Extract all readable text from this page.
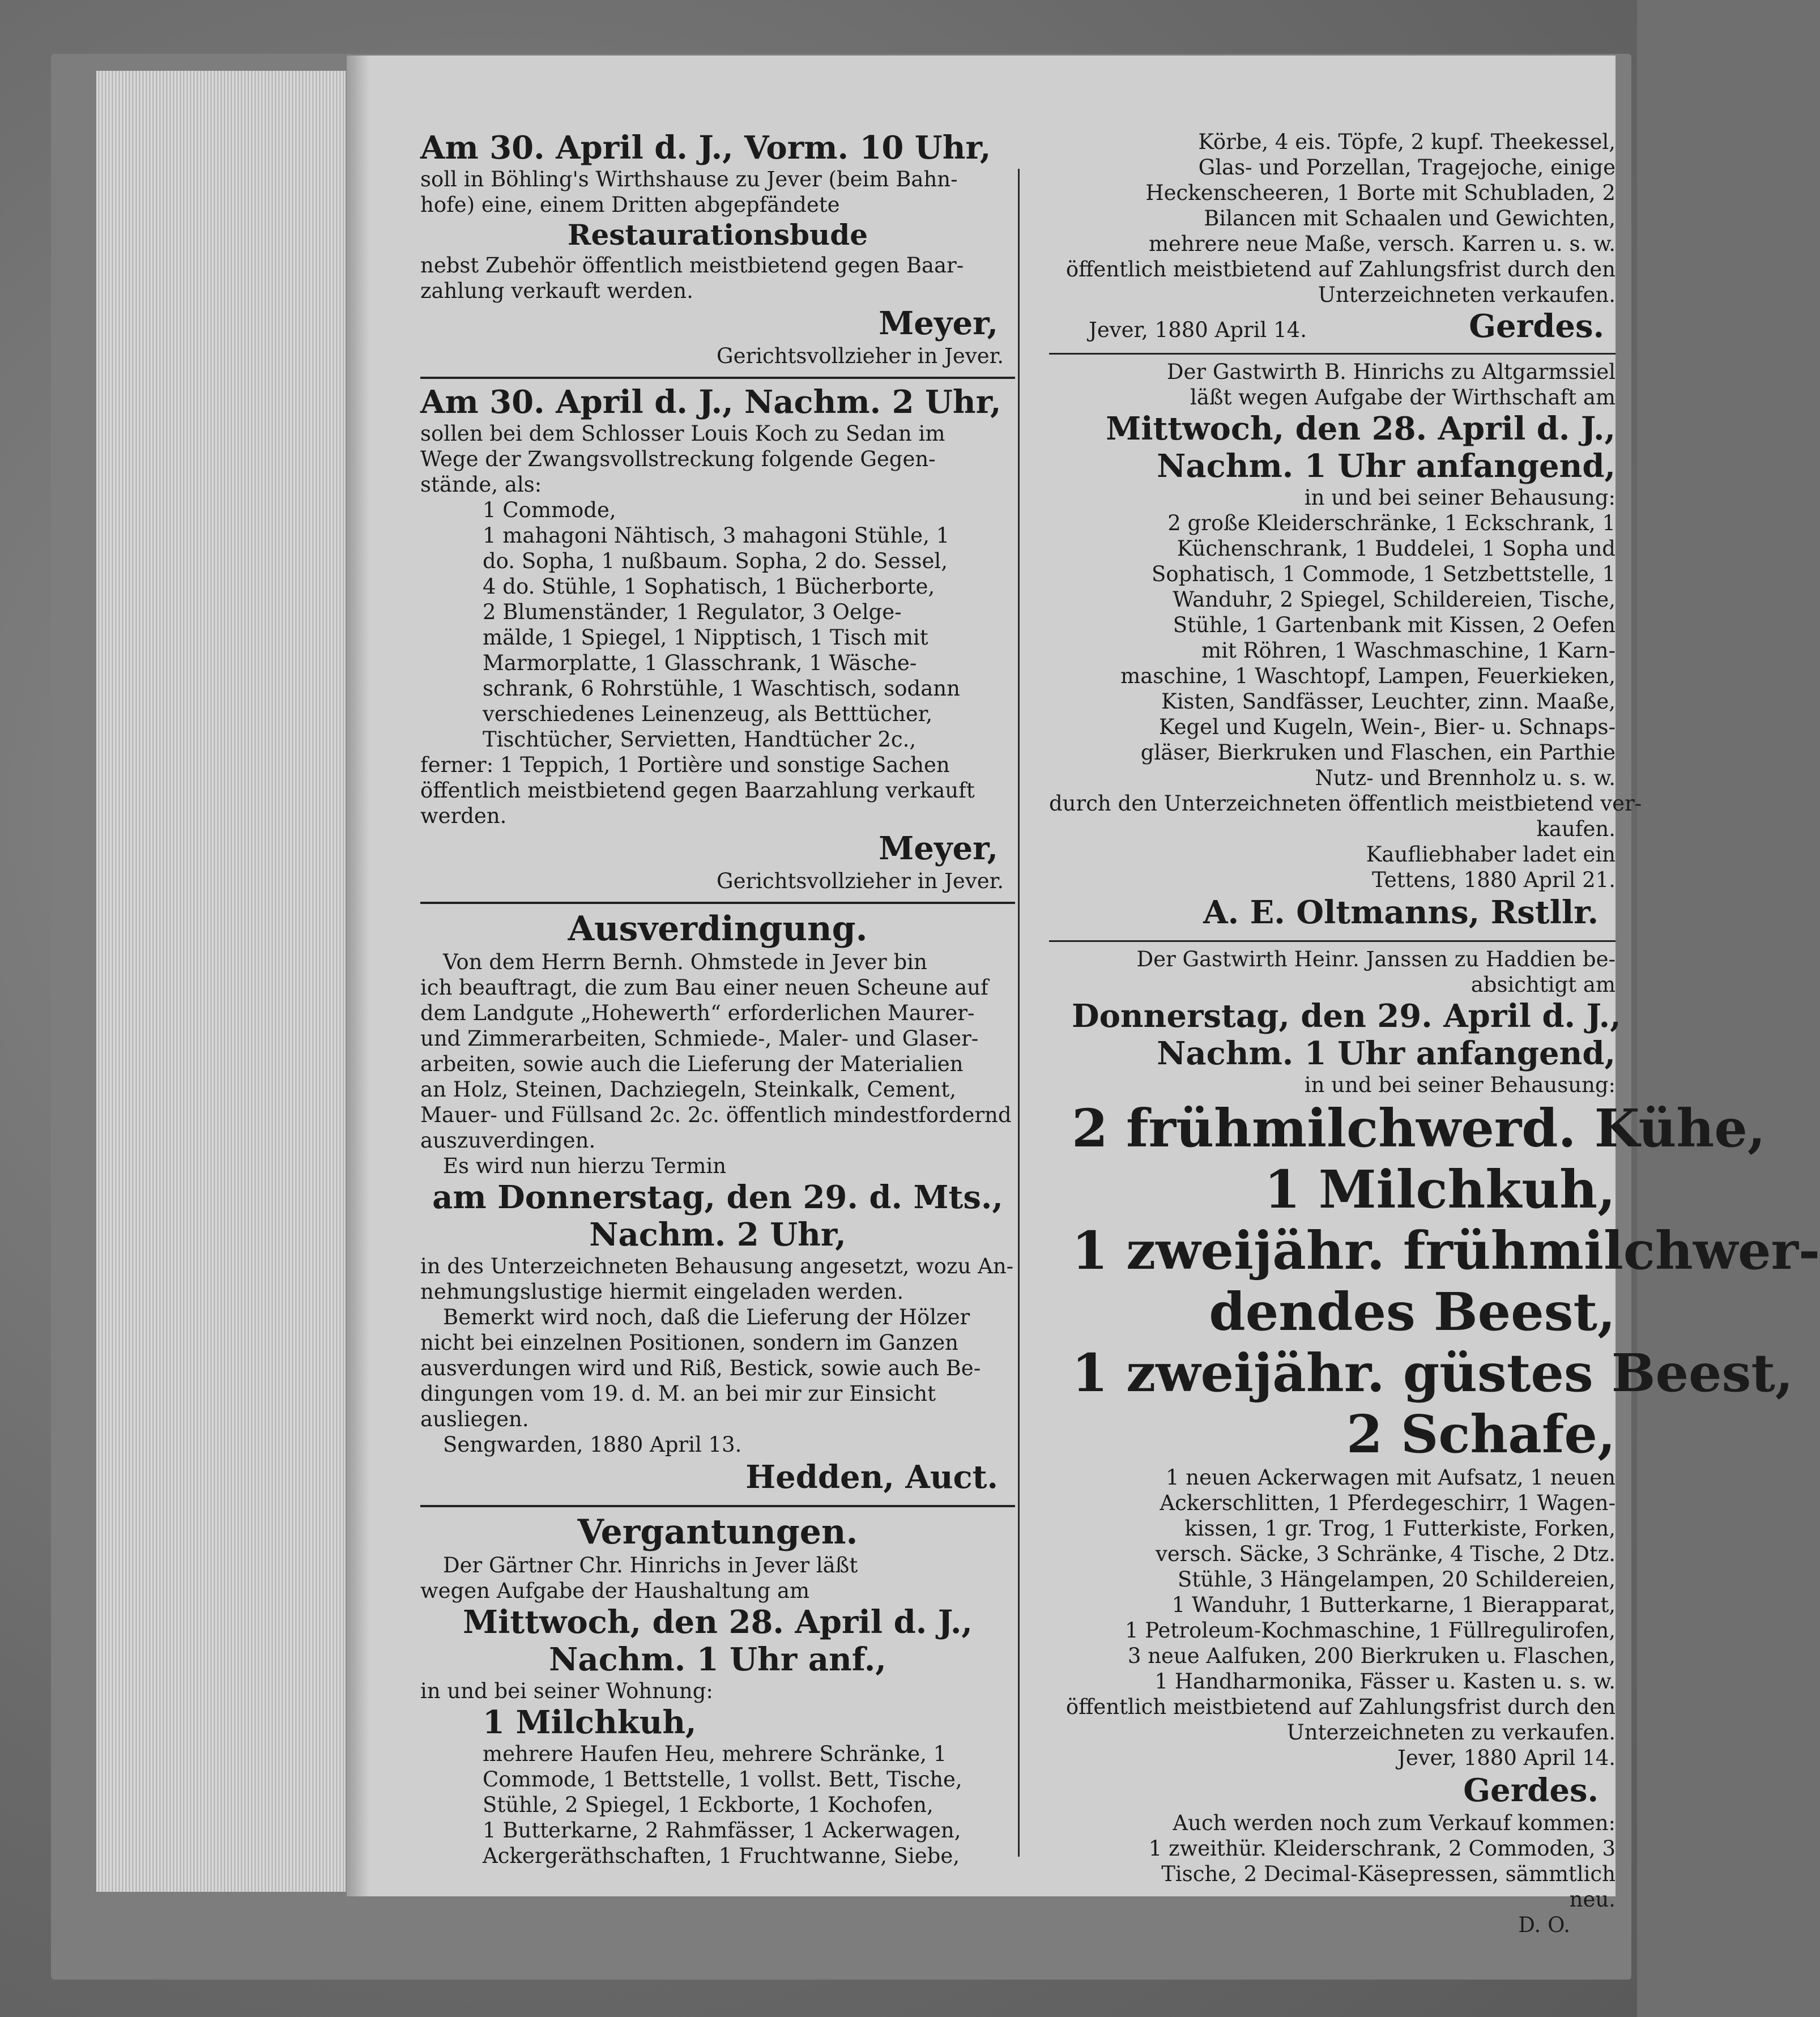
Am 30. April d. J., Vorm. 10 Uhr,
soll in Böhling's Wirthshause zu Jever (beim Bahn-
hofe) eine, einem Dritten abgepfändete
Restaurationsbude
nebst Zubehör öffentlich meistbietend gegen Baar-
zahlung verkauft werden.
Meyer,
Gerichtsvollzieher in Jever.
Am 30. April d. J., Nachm. 2 Uhr,
sollen bei dem Schlosser Louis Koch zu Sedan im
Wege der Zwangsvollstreckung folgende Gegen-
stände, als:
1 Commode,
1 mahagoni Nähtisch, 3 mahagoni Stühle, 1
do. Sopha, 1 nußbaum. Sopha, 2 do. Sessel,
4 do. Stühle, 1 Sophatisch, 1 Bücherborte,
2 Blumenständer, 1 Regulator, 3 Oelge-
mälde, 1 Spiegel, 1 Nipptisch, 1 Tisch mit
Marmorplatte, 1 Glasschrank, 1 Wäsche-
schrank, 6 Rohrstühle, 1 Waschtisch, sodann
verschiedenes Leinenzeug, als Betttücher,
Tischtücher, Servietten, Handtücher 2c.,
ferner: 1 Teppich, 1 Portière und sonstige Sachen
öffentlich meistbietend gegen Baarzahlung verkauft
werden.
Meyer,
Gerichtsvollzieher in Jever.
Ausverdingung.
Von dem Herrn Bernh. Ohmstede in Jever bin
ich beauftragt, die zum Bau einer neuen Scheune auf
dem Landgute „Hohewerth“ erforderlichen Maurer-
und Zimmerarbeiten, Schmiede-, Maler- und Glaser-
arbeiten, sowie auch die Lieferung der Materialien
an Holz, Steinen, Dachziegeln, Steinkalk, Cement,
Mauer- und Füllsand 2c. 2c. öffentlich mindestfordernd
auszuverdingen.
Es wird nun hierzu Termin
am Donnerstag, den 29. d. Mts.,
Nachm. 2 Uhr,
in des Unterzeichneten Behausung angesetzt, wozu An-
nehmungslustige hiermit eingeladen werden.
Bemerkt wird noch, daß die Lieferung der Hölzer
nicht bei einzelnen Positionen, sondern im Ganzen
ausverdungen wird und Riß, Bestick, sowie auch Be-
dingungen vom 19. d. M. an bei mir zur Einsicht
ausliegen.
Sengwarden, 1880 April 13.
Hedden, Auct.
Vergantungen.
Der Gärtner Chr. Hinrichs in Jever läßt
wegen Aufgabe der Haushaltung am
Mittwoch, den 28. April d. J.,
Nachm. 1 Uhr anf.,
in und bei seiner Wohnung:
1 Milchkuh,
mehrere Haufen Heu, mehrere Schränke, 1
Commode, 1 Bettstelle, 1 vollst. Bett, Tische,
Stühle, 2 Spiegel, 1 Eckborte, 1 Kochofen,
1 Butterkarne, 2 Rahmfässer, 1 Ackerwagen,
Ackergeräthschaften, 1 Fruchtwanne, Siebe,
Körbe, 4 eis. Töpfe, 2 kupf. Theekessel,
Glas- und Porzellan, Tragejoche, einige
Heckenscheeren, 1 Borte mit Schubladen, 2
Bilancen mit Schaalen und Gewichten,
mehrere neue Maße, versch. Karren u. s. w.
öffentlich meistbietend auf Zahlungsfrist durch den
Unterzeichneten verkaufen.
Jever, 1880 April 14.	Gerdes.
Der Gastwirth B. Hinrichs zu Altgarmssiel
läßt wegen Aufgabe der Wirthschaft am
Mittwoch, den 28. April d. J.,
Nachm. 1 Uhr anfangend,
in und bei seiner Behausung:
2 große Kleiderschränke, 1 Eckschrank, 1
Küchenschrank, 1 Buddelei, 1 Sopha und
Sophatisch, 1 Commode, 1 Setzbettstelle, 1
Wanduhr, 2 Spiegel, Schildereien, Tische,
Stühle, 1 Gartenbank mit Kissen, 2 Oefen
mit Röhren, 1 Waschmaschine, 1 Karn-
maschine, 1 Waschtopf, Lampen, Feuerkieken,
Kisten, Sandfässer, Leuchter, zinn. Maaße,
Kegel und Kugeln, Wein-, Bier- u. Schnaps-
gläser, Bierkruken und Flaschen, ein Parthie
Nutz- und Brennholz u. s. w.
durch den Unterzeichneten öffentlich meistbietend ver-
kaufen.
Kaufliebhaber ladet ein
Tettens, 1880 April 21.
A. E. Oltmanns, Rstllr.
Der Gastwirth Heinr. Janssen zu Haddien be-
absichtigt am
Donnerstag, den 29. April d. J.,
Nachm. 1 Uhr anfangend,
in und bei seiner Behausung:
2 frühmilchwerd. Kühe,
1 Milchkuh,
1 zweijähr. frühmilchwer-
dendes Beest,
1 zweijähr. güstes Beest,
2 Schafe,
1 neuen Ackerwagen mit Aufsatz, 1 neuen
Ackerschlitten, 1 Pferdegeschirr, 1 Wagen-
kissen, 1 gr. Trog, 1 Futterkiste, Forken,
versch. Säcke, 3 Schränke, 4 Tische, 2 Dtz.
Stühle, 3 Hängelampen, 20 Schildereien,
1 Wanduhr, 1 Butterkarne, 1 Bierapparat,
1 Petroleum-Kochmaschine, 1 Füllregulirofen,
3 neue Aalfuken, 200 Bierkruken u. Flaschen,
1 Handharmonika, Fässer u. Kasten u. s. w.
öffentlich meistbietend auf Zahlungsfrist durch den
Unterzeichneten zu verkaufen.
Jever, 1880 April 14.
Gerdes.
Auch werden noch zum Verkauf kommen:
1 zweithür. Kleiderschrank, 2 Commoden, 3
Tische, 2 Decimal-Käsepressen, sämmtlich
neu.
D. O.
